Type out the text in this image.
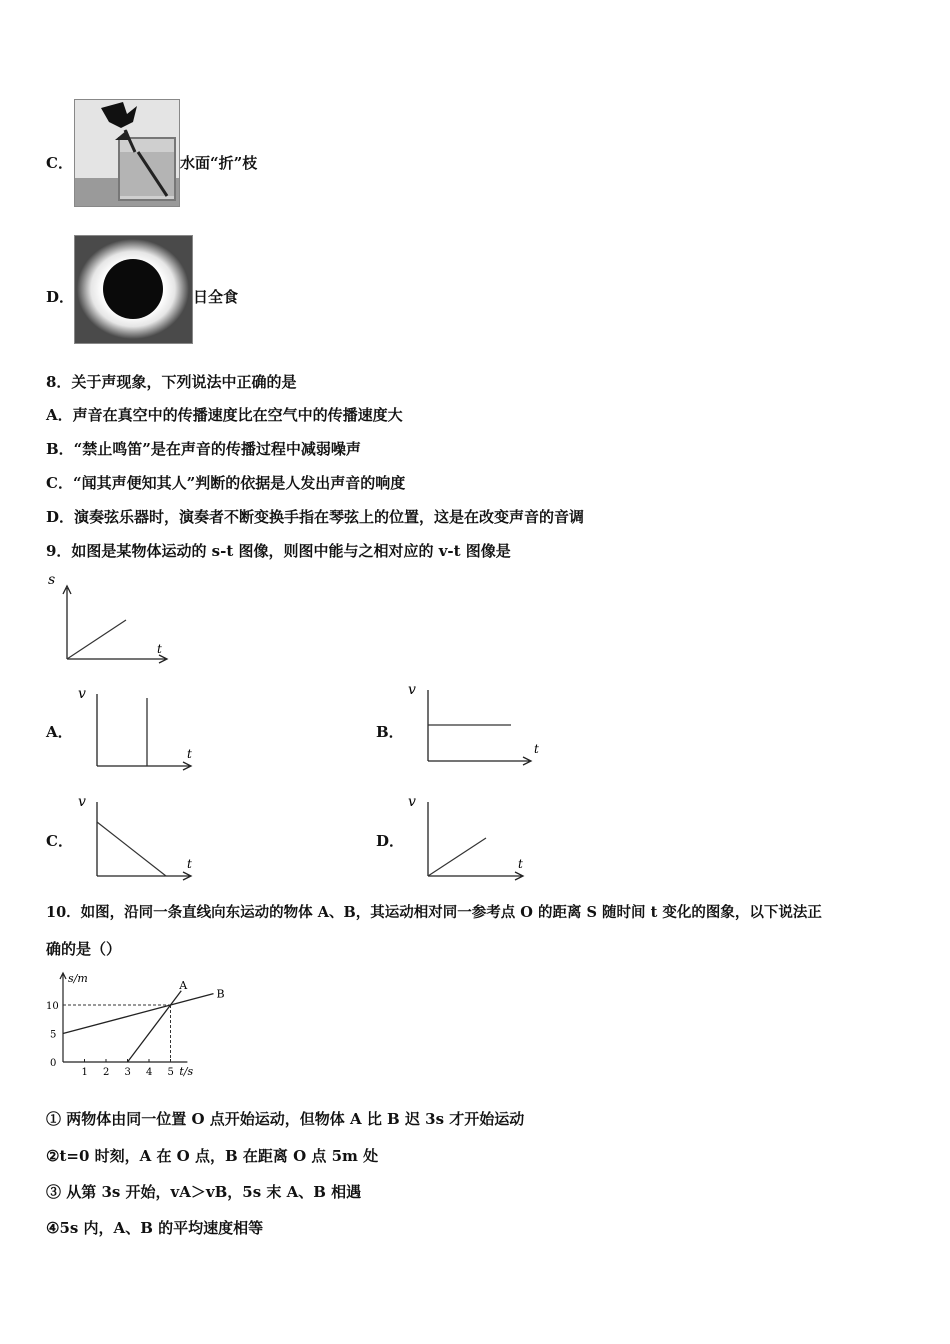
C．	水面“折”枝
D．	日全食
8．关于声现象，下列说法中正确的是
A．声音在真空中的传播速度比在空气中的传播速度大
B．“禁止鸣笛”是在声音的传播过程中减弱噪声
C．“闻其声便知其人”判断的依据是人发出声音的响度
D．演奏弦乐器时，演奏者不断变换手指在琴弦上的位置，这是在改变声音的音调
9．如图是某物体运动的 s-t 图像，则图中能与之相对应的 v-t 图像是
s
t
A．
v
t
B．
v
t
C．
v
t
D．
v
t
10．如图，沿同一条直线向东运动的物体 A、B，其运动相对同一参考点 O 的距离 S 随时间 t 变化的图象，以下说法正
确的是（）
s/m
t/s
1 2 3 4 5
0
5
10
A
B
① 两物体由同一位置 O 点开始运动，但物体 A 比 B 迟 3s 才开始运动
②t=0 时刻，A 在 O 点，B 在距离 O 点 5m 处
③ 从第 3s 开始，vA＞vB，5s 末 A、B 相遇
④5s 内，A、B 的平均速度相等
